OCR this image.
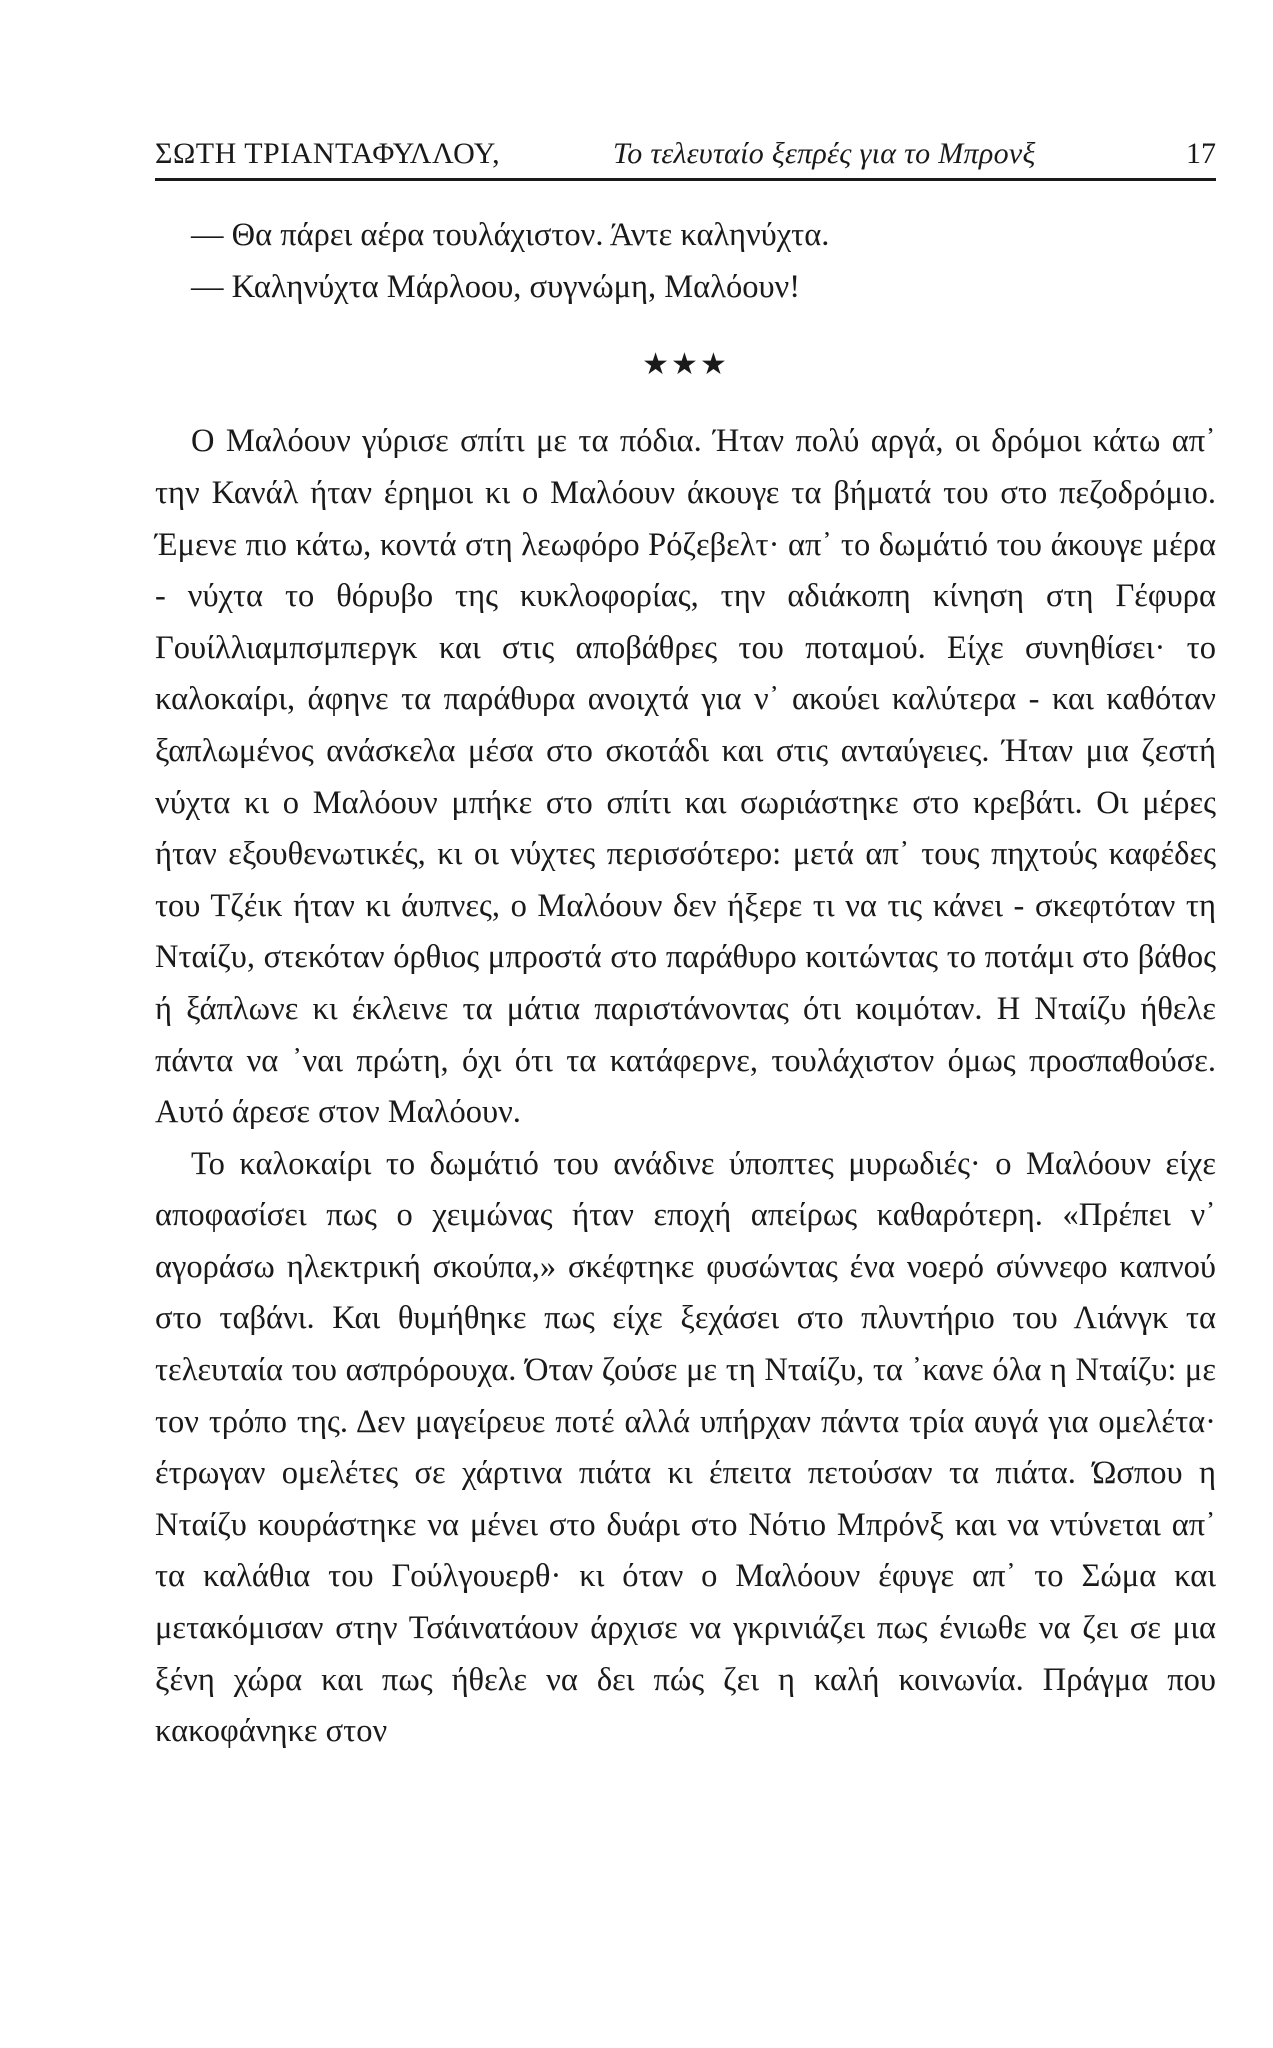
ΣΩΤΗ ΤΡΙΑΝΤΑΦΥΛΛΟΥ,	Το τελευταίο ξεπρές για το Μπρονξ	17

— Θα πάρει αέρα τουλάχιστον. Άντε καληνύχτα.

— Καληνύχτα Μάρλοου, συγνώμη, Μαλόουν!

★★★

Ο Μαλόουν γύρισε σπίτι με τα πόδια. Ήταν πολύ αργά, οι δρόμοι κάτω απ᾽ την Κανάλ ήταν έρημοι κι ο Μαλόουν άκουγε τα βήματά του στο πεζοδρόμιο. Έμενε πιο κάτω, κοντά στη λεωφόρο Ρόζεβελτ· απ᾽ το δωμάτιό του άκουγε μέρα - νύχτα το θόρυβο της κυκλοφορίας, την αδιάκοπη κίνηση στη Γέφυρα Γουίλλιαμπσμπεργκ και στις αποβάθρες του ποταμού. Είχε συνηθίσει· το καλοκαίρι, άφηνε τα παράθυρα ανοιχτά για ν᾽ ακούει καλύτερα - και καθόταν ξαπλωμένος ανάσκελα μέσα στο σκοτάδι και στις ανταύγειες. Ήταν μια ζεστή νύχτα κι ο Μαλόουν μπήκε στο σπίτι και σωριάστηκε στο κρεβάτι. Οι μέρες ήταν εξουθενωτικές, κι οι νύχτες περισσότερο: μετά απ᾽ τους πηχτούς καφέδες του Τζέικ ήταν κι άυπνες, ο Μαλόουν δεν ήξερε τι να τις κάνει - σκεφτόταν τη Νταίζυ, στεκόταν όρθιος μπροστά στο παράθυρο κοιτώντας το ποτάμι στο βάθος ή ξάπλωνε κι έκλεινε τα μάτια παριστάνοντας ότι κοιμόταν. Η Νταίζυ ήθελε πάντα να ᾽ναι πρώτη, όχι ότι τα κατάφερνε, τουλάχιστον όμως προσπαθούσε. Αυτό άρεσε στον Μαλόουν.

Το καλοκαίρι το δωμάτιό του ανάδινε ύποπτες μυρωδιές· ο Μαλόουν είχε αποφασίσει πως ο χειμώνας ήταν εποχή απείρως καθαρότερη. «Πρέπει ν᾽ αγοράσω ηλεκτρική σκούπα,» σκέφτηκε φυσώντας ένα νοερό σύννεφο καπνού στο ταβάνι. Και θυμήθηκε πως είχε ξεχάσει στο πλυντήριο του Λιάνγκ τα τελευταία του ασπρόρουχα. Όταν ζούσε με τη Νταίζυ, τα ᾽κανε όλα η Νταίζυ: με τον τρόπο της. Δεν μαγείρευε ποτέ αλλά υπήρχαν πάντα τρία αυγά για ομελέτα· έτρωγαν ομελέτες σε χάρτινα πιάτα κι έπειτα πετούσαν τα πιάτα. Ώσπου η Νταίζυ κουράστηκε να μένει στο δυάρι στο Νότιο Μπρόνξ και να ντύνεται απ᾽ τα καλάθια του Γούλγουερθ· κι όταν ο Μαλόουν έφυγε απ᾽ το Σώμα και μετακόμισαν στην Τσάινατάουν άρχισε να γκρινιάζει πως ένιωθε να ζει σε μια ξένη χώρα και πως ήθελε να δει πώς ζει η καλή κοινωνία. Πράγμα που κακοφάνηκε στον
